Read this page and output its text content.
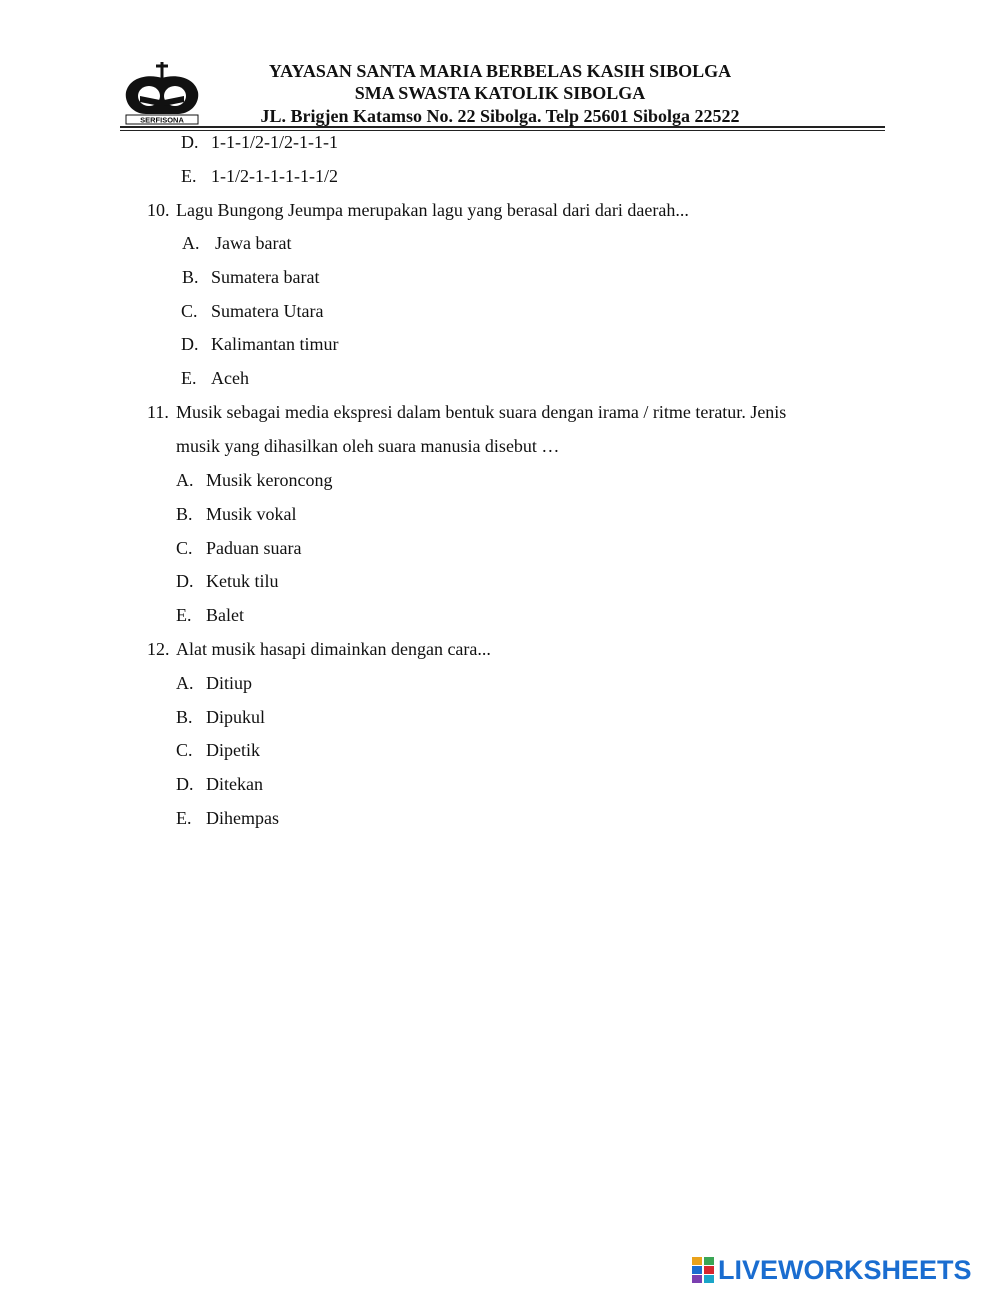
SERFISONA
YAYASAN SANTA MARIA BERBELAS KASIH SIBOLGA
SMA SWASTA KATOLIK SIBOLGA
JL. Brigjen Katamso No. 22 Sibolga. Telp 25601 Sibolga 22522
D. 1-1-1/2-1/2-1-1-1
E. 1-1/2-1-1-1-1-1/2
10. Lagu Bungong Jeumpa merupakan lagu yang berasal dari dari daerah...
A. Jawa barat
B. Sumatera barat
C. Sumatera Utara
D. Kalimantan timur
E. Aceh
11. Musik sebagai media ekspresi dalam bentuk suara dengan irama / ritme teratur. Jenis
musik yang dihasilkan oleh suara manusia disebut …
A. Musik keroncong
B. Musik vokal
C. Paduan suara
D. Ketuk tilu
E. Balet
12. Alat musik hasapi dimainkan dengan cara...
A. Ditiup
B. Dipukul
C. Dipetik
D. Ditekan
E. Dihempas
LIVEWORKSHEETS
